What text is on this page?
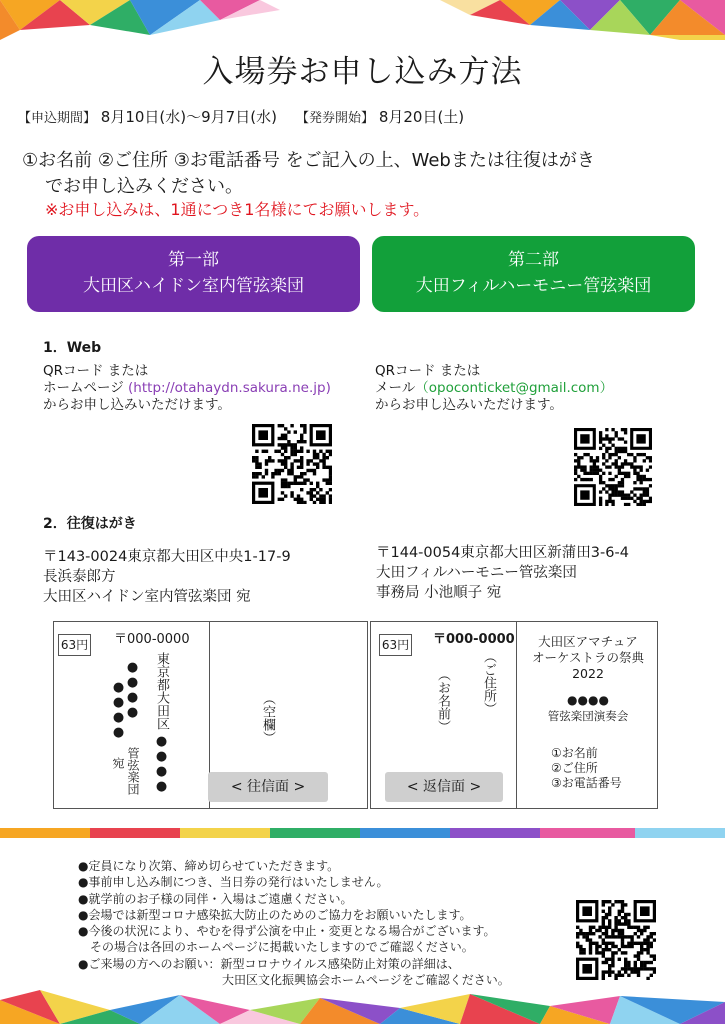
入場券お申し込み方法
【申込期間】 8月10日(水)～9月7日(水) 【発券開始】 8月20日(土)
①お名前 ②ご住所 ③お電話番号 をご記入の上、Webまたは往復はがき
でお申し込みください。
※お申し込みは、1通につき1名様にてお願いします。
第一部
大田区ハイドン室内管弦楽団
第二部
大田フィルハーモニー管弦楽団
1．Web
QRコード または
ホームページ (http://otahaydn.sakura.ne.jp)
からお申し込みいただけます。
QRコード または
メール（opoconticket@gmail.com）
からお申し込みいただけます。
2．往復はがき
〒143-0024東京都大田区中央1-17-9
長浜泰郎方
大田区ハイドン室内管弦楽団 宛
〒144-0054東京都大田区新蒲田3-6-4
大田フィルハーモニー管弦楽団
事務局 小池順子 宛
63円 〒000-0000
東京都大田区
●●●●
●●●●
●●●●
管弦楽団
宛
（空欄）
< 往信面 >
63円 〒000-0000
（ご住所）
（お名前）
< 返信面 >
大田区アマチュア
オーケストラの祭典
2022
●●●●
管弦楽団演奏会
①お名前
②ご住所
③お電話番号
●定員になり次第、締め切らせていただきます。
●事前申し込み制につき、当日券の発行はいたしません。
●就学前のお子様の同伴・入場はご遠慮ください。
●会場では新型コロナ感染拡大防止のためのご協力をお願いいたします。
●今後の状況により、やむを得ず公演を中止・変更となる場合がございます。
　その場合は各回のホームページに掲載いたしますのでご確認ください。
●ご来場の方へのお願い：新型コロナウイルス感染防止対策の詳細は、
　　　　　　　　　　　　大田区文化振興協会ホームページをご確認ください。
